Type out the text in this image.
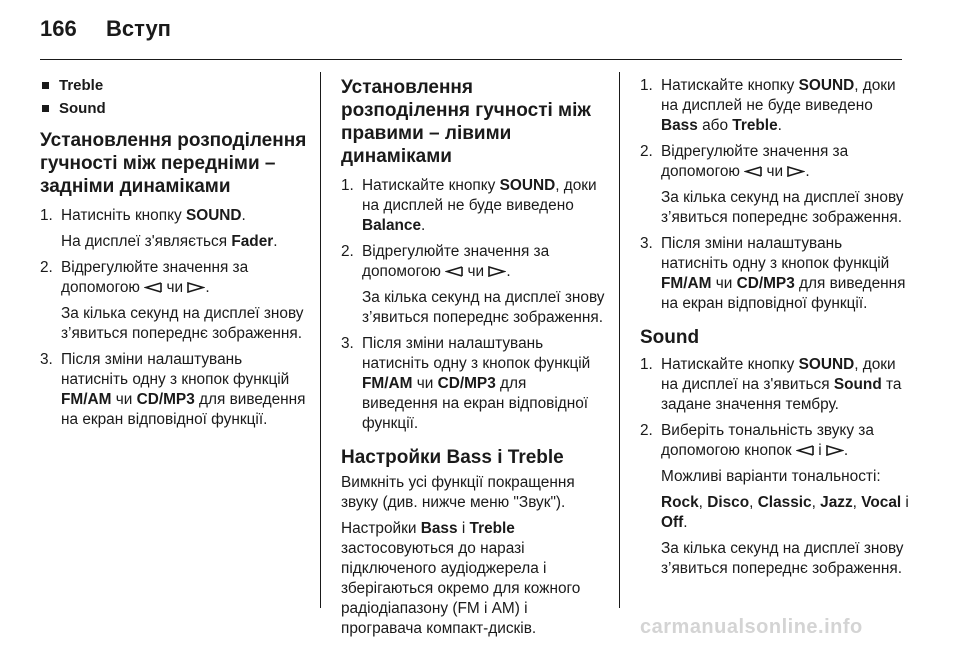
166 Вступ
Treble
Sound
Установлення розподілення гучності між передніми – задніми динаміками
1. Натисніть кнопку SOUND.
На дисплеї з'являється Fader.
2. Відрегулюйте значення за допомогою чи .
За кілька секунд на дисплеї знову з’явиться попереднє зображення.
3. Після зміни налаштувань натисніть одну з кнопок функцій FM/AM чи CD/MP3 для виведення на екран відповідної функції.
Установлення розподілення гучності між правими – лівими динаміками
1. Натискайте кнопку SOUND, доки на дисплей не буде виведено Balance.
2. Відрегулюйте значення за допомогою чи .
За кілька секунд на дисплеї знову з’явиться попереднє зображення.
3. Після зміни налаштувань натисніть одну з кнопок функцій FM/AM чи CD/MP3 для виведення на екран відповідної функції.
Настройки Bass і Treble

Вимкніть усі функції покращення звуку (див. нижче меню "Звук").

Настройки Bass і Treble застосовуються до наразі підключеного аудіоджерела і зберігаються окремо для кожного радіодіапазону (FM і AM) і програвача компакт-дисків.

1. Натискайте кнопку SOUND, доки на дисплей не буде виведено Bass або Treble.
2. Відрегулюйте значення за допомогою чи .
За кілька секунд на дисплеї знову з’явиться попереднє зображення.
3. Після зміни налаштувань натисніть одну з кнопок функцій FM/AM чи CD/MP3 для виведення на екран відповідної функції.
Sound
1. Натискайте кнопку SOUND, доки на дисплеї на з'явиться Sound та задане значення тембру.
2. Виберіть тональність звуку за допомогою кнопок і .
Можливі варіанти тональності:
Rock, Disco, Classic, Jazz, Vocal і Off.
За кілька секунд на дисплеї знову з’явиться попереднє зображення.
carmanualsonline.info
